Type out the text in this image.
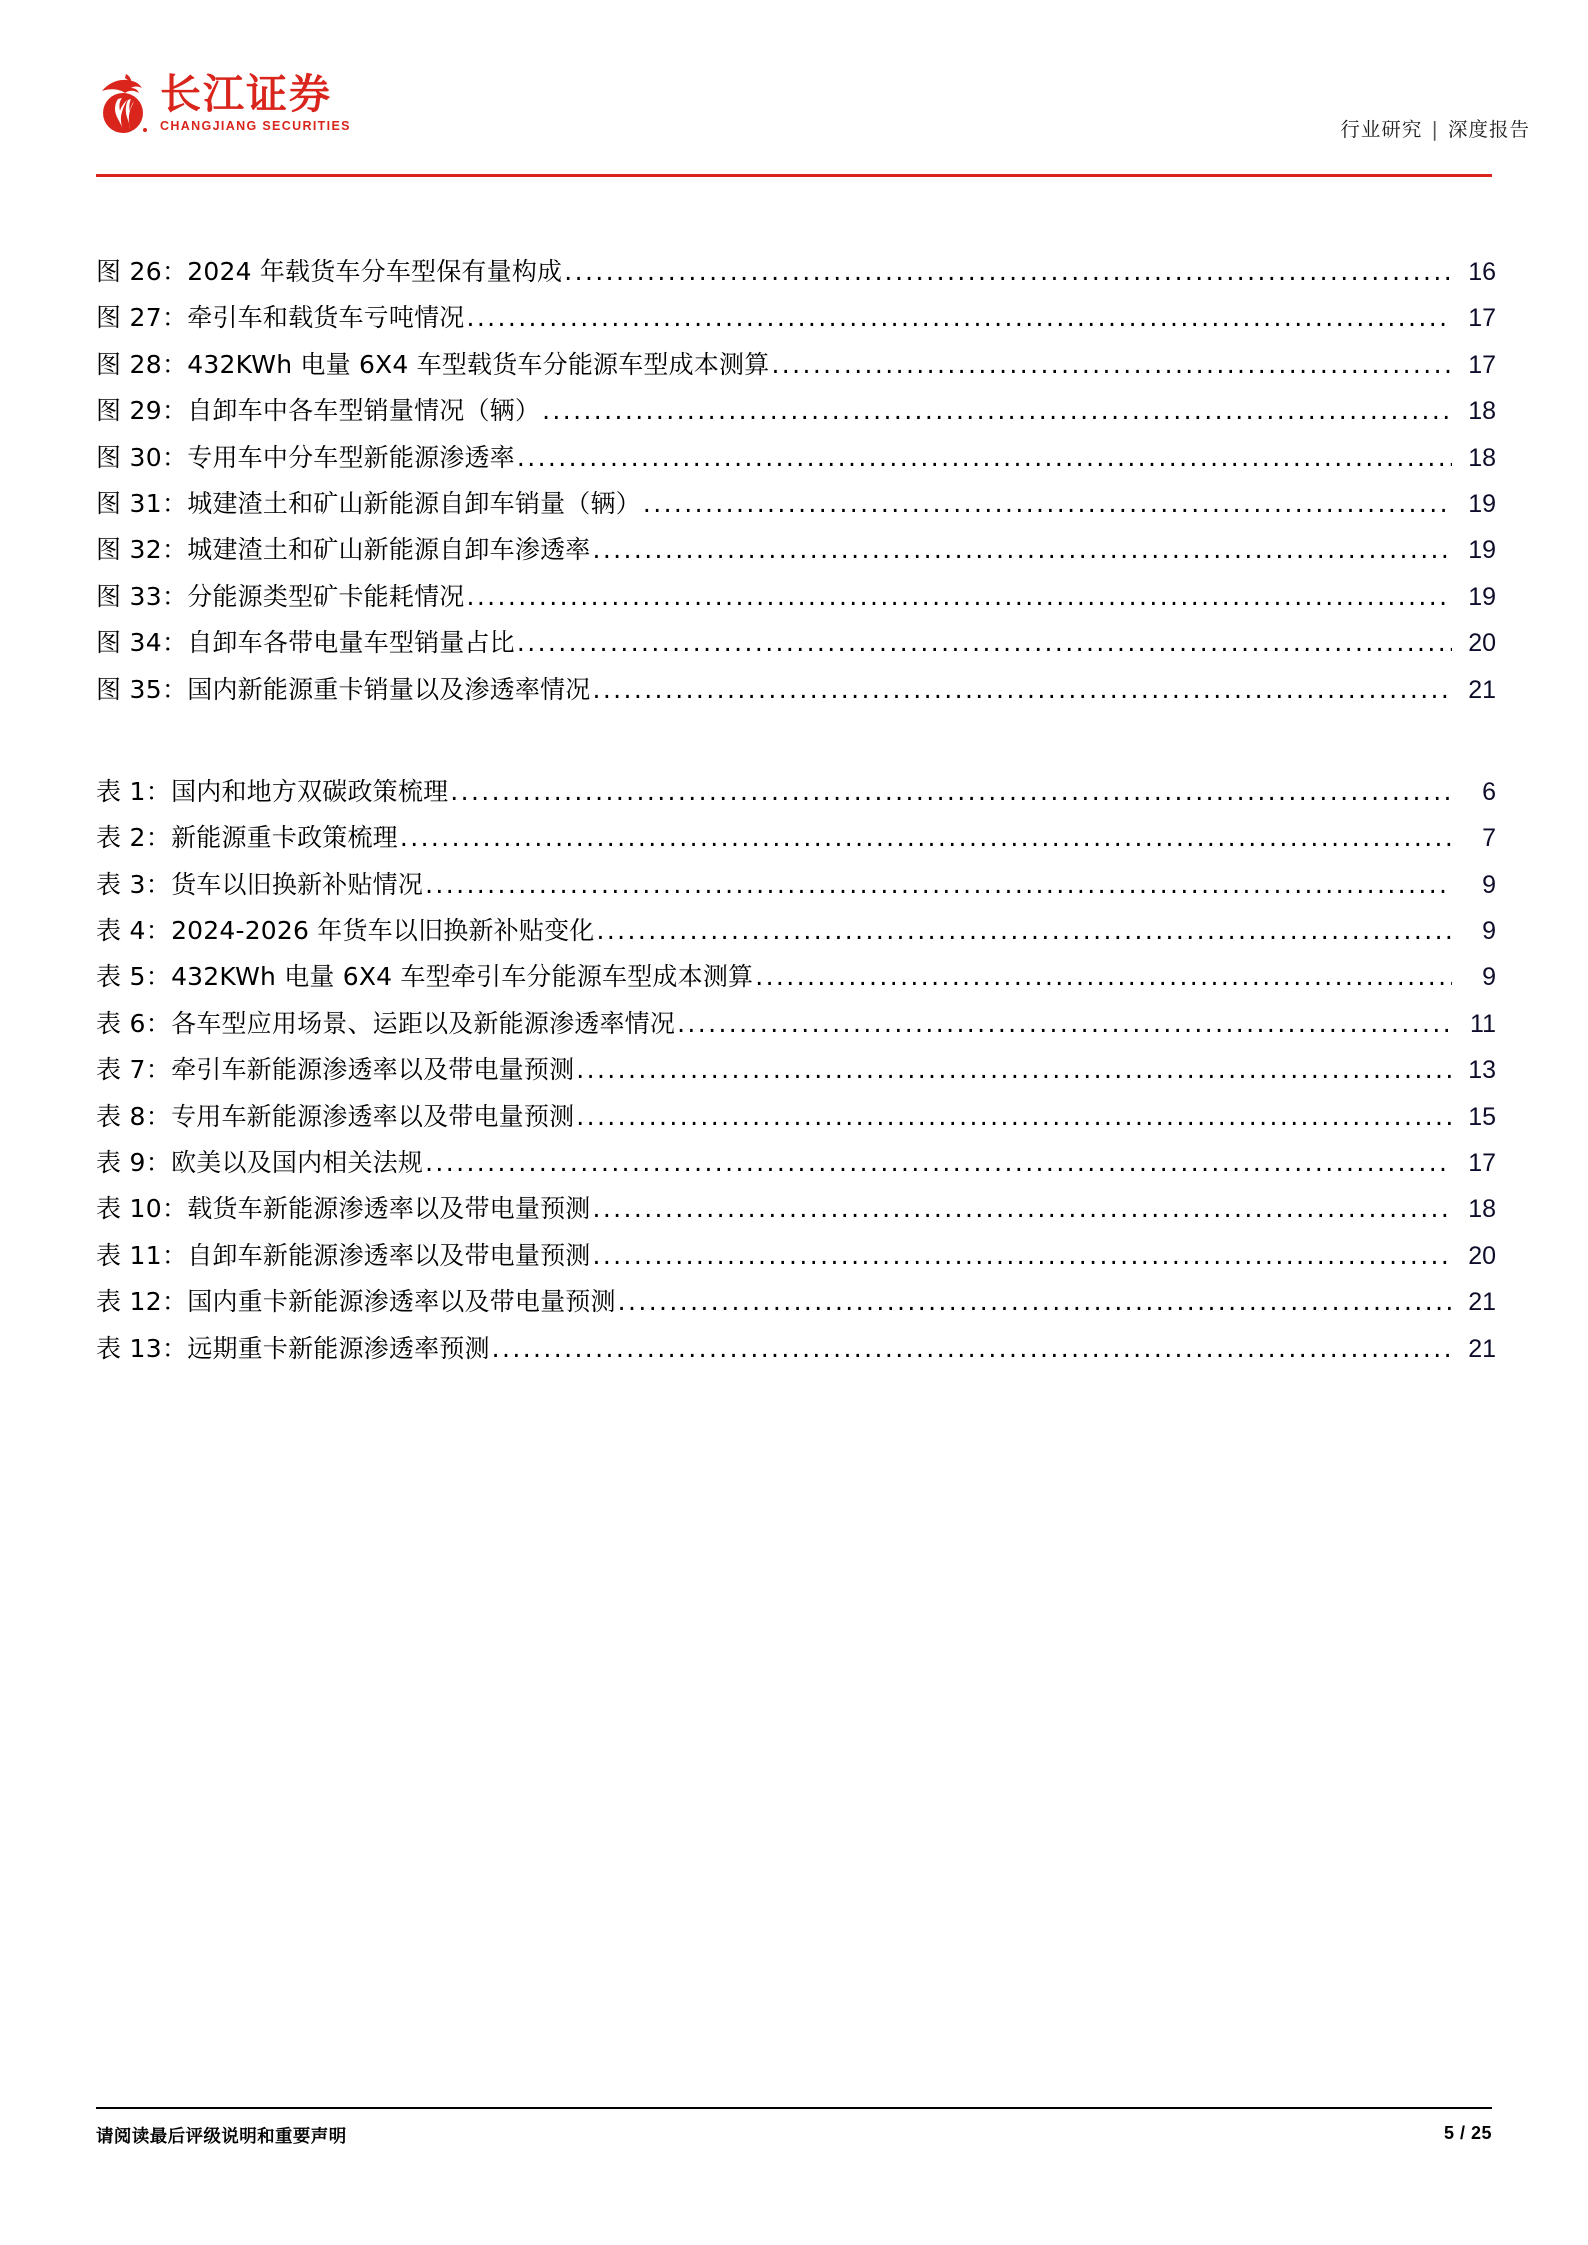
长江证券
CHANGJIANG SECURITIES	行业研究 | 深度报告
图 26： 2024 年载货车分车型保有量构成 .....	16
图 27： 牵引车和载货车亏吨情况 .....	17
图 28： 432KWh 电量 6X4 车型载货车分能源车型成本测算 .....	17
图 29： 自卸车中各车型销量情况（辆） .....	18
图 30： 专用车中分车型新能源渗透率 .....	18
图 31： 城建渣土和矿山新能源自卸车销量（辆） .....	19
图 32： 城建渣土和矿山新能源自卸车渗透率 .....	19
图 33： 分能源类型矿卡能耗情况 .....	19
图 34： 自卸车各带电量车型销量占比 .....	20
图 35： 国内新能源重卡销量以及渗透率情况 .....	21
表 1： 国内和地方双碳政策梳理 .....	6
表 2： 新能源重卡政策梳理 .....	7
表 3： 货车以旧换新补贴情况 .....	9
表 4： 2024-2026 年货车以旧换新补贴变化 .....	9
表 5： 432KWh 电量 6X4 车型牵引车分能源车型成本测算 .....	9
表 6： 各车型应用场景、运距以及新能源渗透率情况 .....	11
表 7： 牵引车新能源渗透率以及带电量预测 .....	13
表 8： 专用车新能源渗透率以及带电量预测 .....	15
表 9： 欧美以及国内相关法规 .....	17
表 10： 载货车新能源渗透率以及带电量预测 .....	18
表 11： 自卸车新能源渗透率以及带电量预测 .....	20
表 12： 国内重卡新能源渗透率以及带电量预测 .....	21
表 13： 远期重卡新能源渗透率预测 .....	21
请阅读最后评级说明和重要声明	5 / 25
